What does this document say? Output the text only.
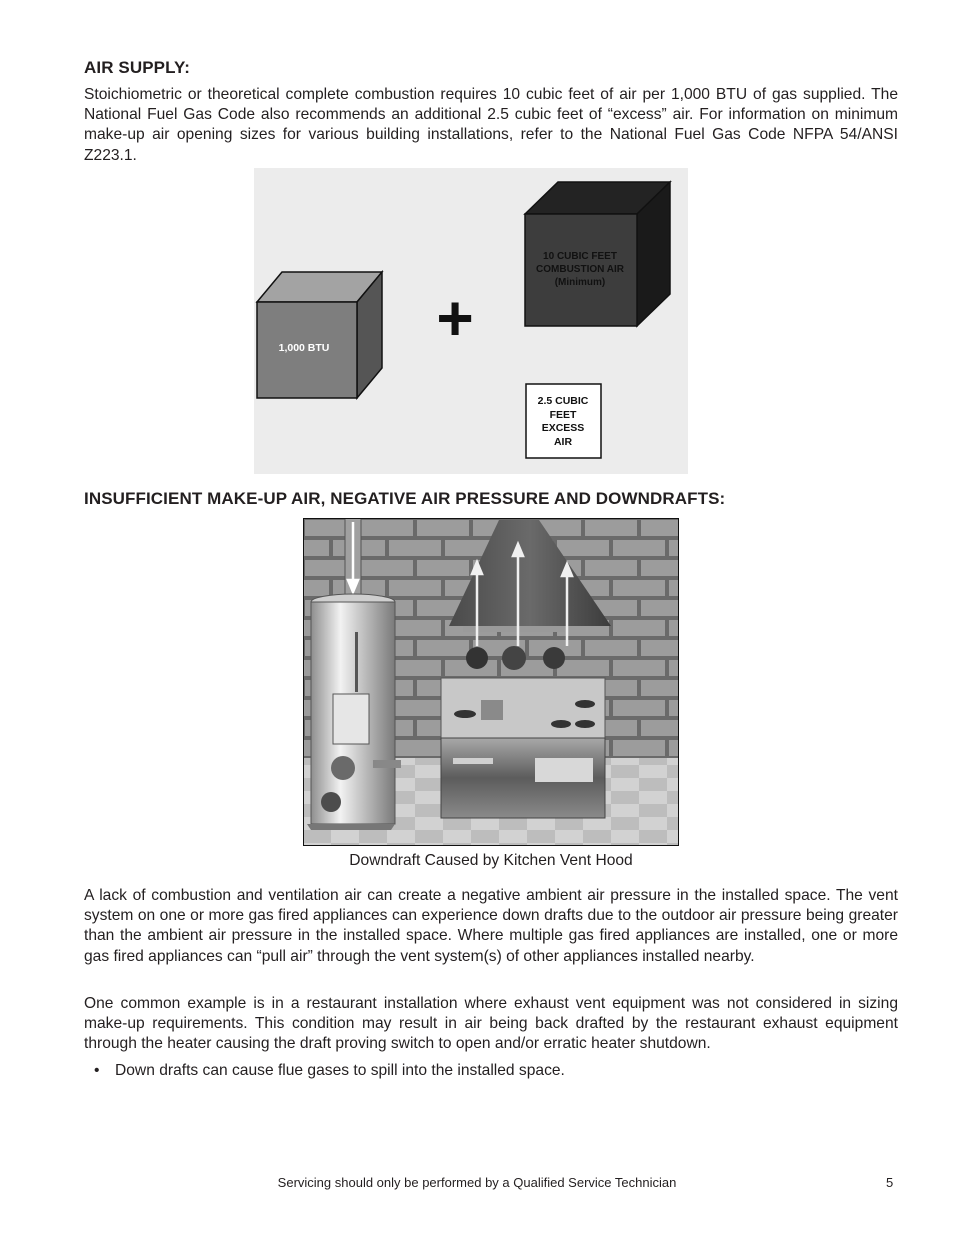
AIR SUPPLY:

Stoichiometric or theoretical complete combustion requires 10 cubic feet of air per 1,000 BTU of gas supplied. The National Fuel Gas Code also recommends an additional 2.5 cubic feet of “excess” air. For information on minimum make-up air opening sizes for various building installations, refer to the National Fuel Gas Code NFPA 54/ANSI Z223.1.

1,000 BTU +
10 CUBIC FEET
COMBUSTION AIR
(Minimum)
2.5 CUBIC
FEET
EXCESS
AIR
INSUFFICIENT MAKE-UP AIR, NEGATIVE AIR PRESSURE AND DOWNDRAFTS:
Downdraft Caused by Kitchen Vent Hood

A lack of combustion and ventilation air can create a negative ambient air pressure in the installed space. The vent system on one or more gas fired appliances can experience down drafts due to the outdoor air pressure being greater than the ambient air pressure in the installed space. Where multiple gas fired appliances are installed, one or more gas fired appliances can “pull air” through the vent system(s) of other appliances installed nearby.

One common example is in a restaurant installation where exhaust vent equipment was not considered in sizing make-up requirements. This condition may result in air being back drafted by the restaurant exhaust equipment through the heater causing the draft proving switch to open and/or erratic heater shutdown.

• Down drafts can cause flue gases to spill into the installed space.
Servicing should only be performed by a Qualified Service Technician	5
